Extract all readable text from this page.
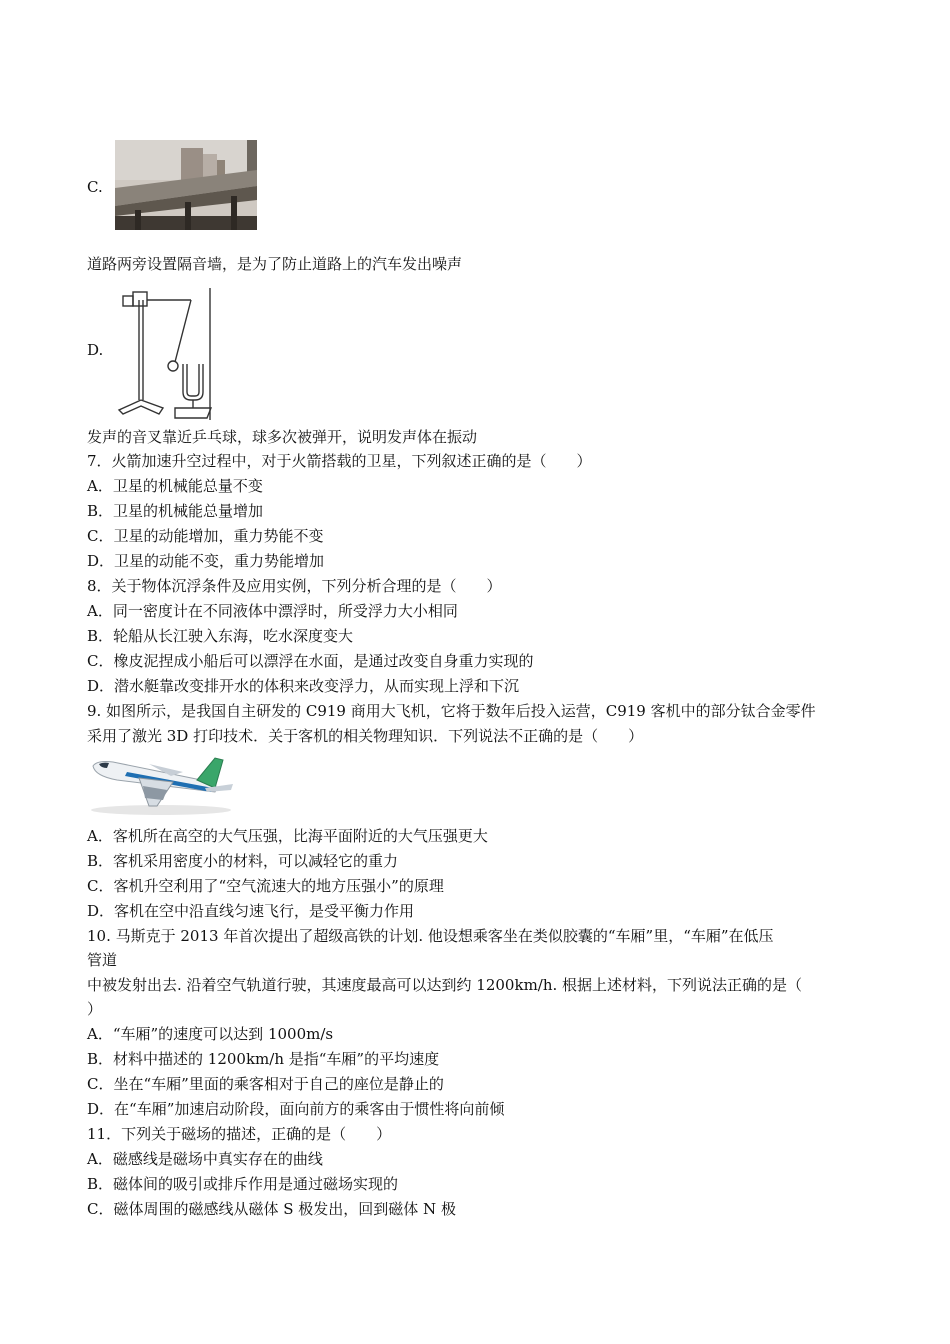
C.
道路两旁设置隔音墙，是为了防止道路上的汽车发出噪声
D.
发声的音叉靠近乒乓球，球多次被弹开，说明发声体在振动
7．火箭加速升空过程中，对于火箭搭载的卫星，下列叙述正确的是（　　）
A．卫星的机械能总量不变
B．卫星的机械能总量增加
C．卫星的动能增加，重力势能不变
D．卫星的动能不变，重力势能增加
8．关于物体沉浮条件及应用实例，下列分析合理的是（　　）
A．同一密度计在不同液体中漂浮时，所受浮力大小相同
B．轮船从长江驶入东海，吃水深度变大
C．橡皮泥捏成小船后可以漂浮在水面，是通过改变自身重力实现的
D．潜水艇靠改变排开水的体积来改变浮力，从而实现上浮和下沉
9. 如图所示，是我国自主研发的 C919 商用大飞机，它将于数年后投入运营，C919 客机中的部分钛合金零件
采用了激光 3D 打印技术．关于客机的相关物理知识．下列说法不正确的是（　　）
A．客机所在高空的大气压强，比海平面附近的大气压强更大
B．客机采用密度小的材料，可以减轻它的重力
C．客机升空利用了“空气流速大的地方压强小”的原理
D．客机在空中沿直线匀速飞行，是受平衡力作用
10. 马斯克于 2013 年首次提出了超级高铁的计划. 他设想乘客坐在类似胶囊的“车厢”里，“车厢”在低压
管道
中被发射出去. 沿着空气轨道行驶，其速度最高可以达到约 1200km/h. 根据上述材料，下列说法正确的是（
）
A．“车厢”的速度可以达到 1000m/s
B．材料中描述的 1200km/h 是指“车厢”的平均速度
C．坐在“车厢”里面的乘客相对于自己的座位是静止的
D．在“车厢”加速启动阶段，面向前方的乘客由于惯性将向前倾
11．下列关于磁场的描述，正确的是（　　）
A．磁感线是磁场中真实存在的曲线
B．磁体间的吸引或排斥作用是通过磁场实现的
C．磁体周围的磁感线从磁体 S 极发出，回到磁体 N 极
